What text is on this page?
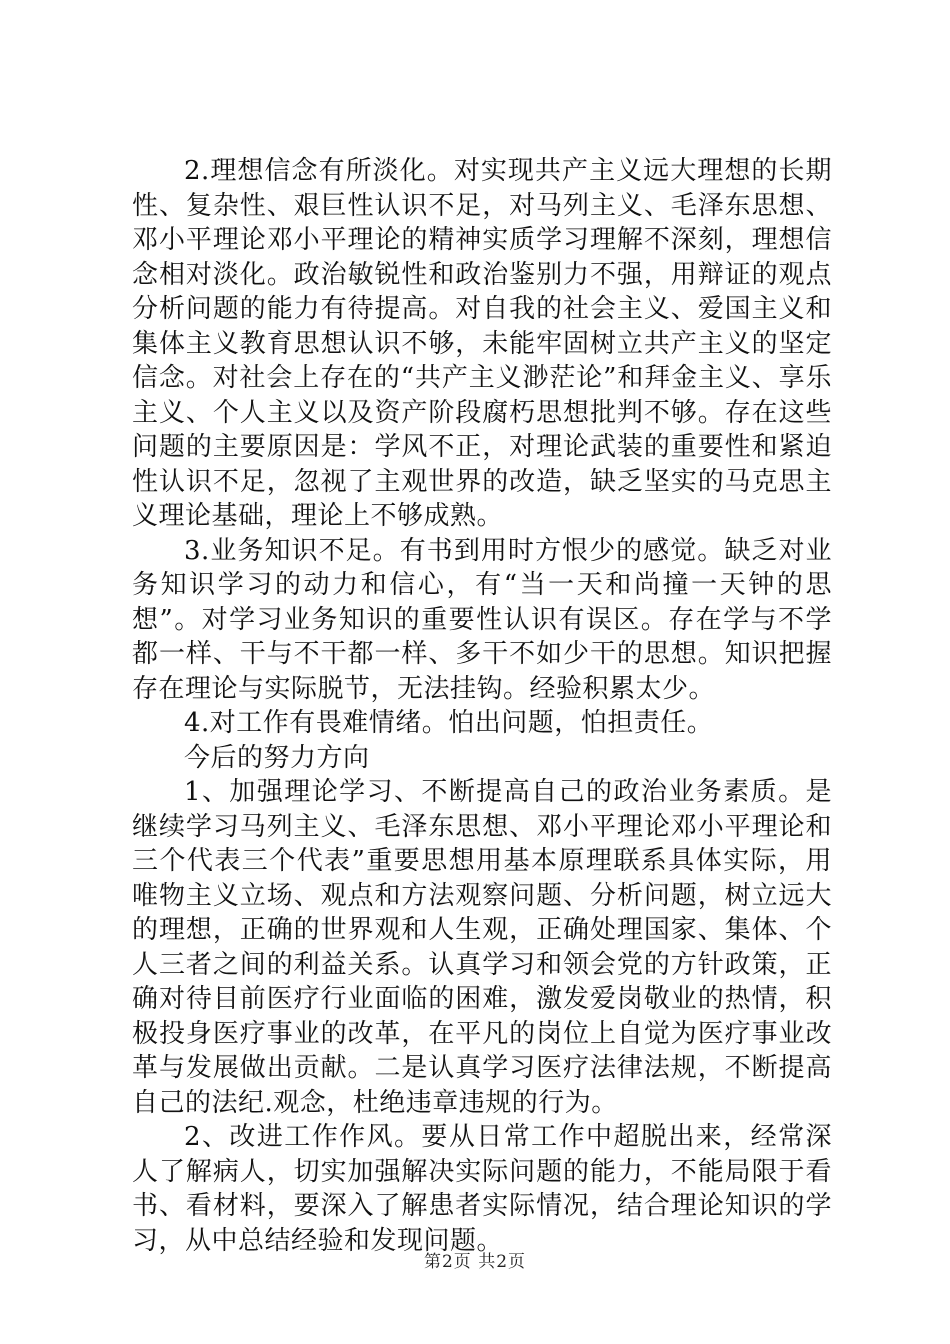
2.理想信念有所淡化。对实现共产主义远大理想的长期性、复杂性、艰巨性认识不足，对马列主义、毛泽东思想、邓小平理论邓小平理论的精神实质学习理解不深刻，理想信念相对淡化。政治敏锐性和政治鉴别力不强，用辩证的观点分析问题的能力有待提高。对自我的社会主义、爱国主义和集体主义教育思想认识不够，未能牢固树立共产主义的坚定信念。对社会上存在的“共产主义渺茫论”和拜金主义、享乐主义、个人主义以及资产阶段腐朽思想批判不够。存在这些问题的主要原因是：学风不正，对理论武装的重要性和紧迫性认识不足，忽视了主观世界的改造，缺乏坚实的马克思主义理论基础，理论上不够成熟。

3.业务知识不足。有书到用时方恨少的感觉。缺乏对业务知识学习的动力和信心，有“当一天和尚撞一天钟的思想”。对学习业务知识的重要性认识有误区。存在学与不学都一样、干与不干都一样、多干不如少干的思想。知识把握存在理论与实际脱节，无法挂钩。经验积累太少。

4.对工作有畏难情绪。怕出问题，怕担责任。

今后的努力方向

1、加强理论学习、不断提高自己的政治业务素质。是继续学习马列主义、毛泽东思想、邓小平理论邓小平理论和三个代表三个代表”重要思想用基本原理联系具体实际，用唯物主义立场、观点和方法观察问题、分析问题，树立远大的理想，正确的世界观和人生观，正确处理国家、集体、个人三者之间的利益关系。认真学习和领会党的方针政策，正确对待目前医疗行业面临的困难，激发爱岗敬业的热情，积极投身医疗事业的改革，在平凡的岗位上自觉为医疗事业改革与发展做出贡献。二是认真学习医疗法律法规，不断提高自己的法纪.观念，杜绝违章违规的行为。

2、改进工作作风。要从日常工作中超脱出来，经常深人了解病人，切实加强解决实际问题的能力，不能局限于看书、看材料，要深入了解患者实际情况，结合理论知识的学习，从中总结经验和发现问题。

第2页 共2页
